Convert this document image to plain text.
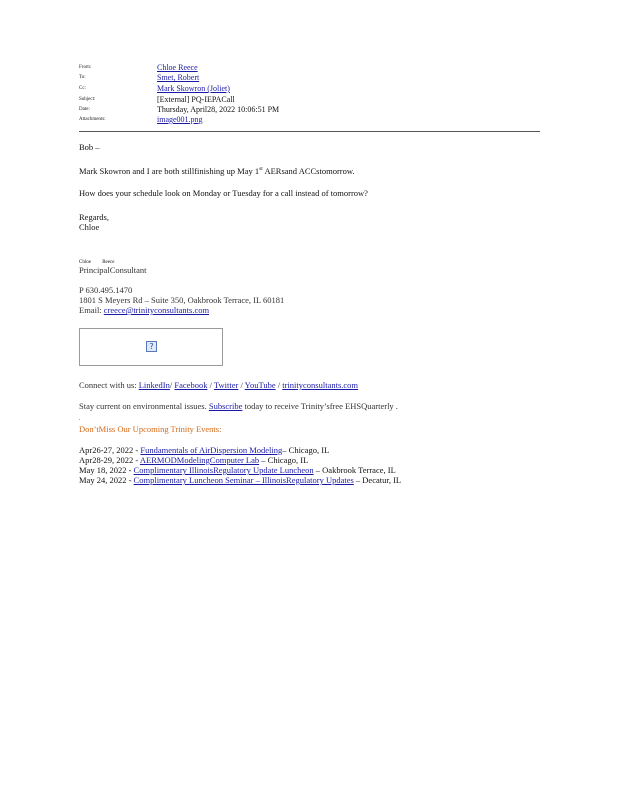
From:	Chloe Reece
To:	Smet, Robert
Cc:	Mark Skowron (Joliet)
Subject:	[External] PQ-IEPACall
Date:	Thursday, April28, 2022 10:06:51 PM
Attachments:	image001.png
Bob –
Mark Skowron and I are both stillfinishing up May 1st AERsand ACCstomorrow.
How does your schedule look on Monday or Tuesday for a call instead of tomorrow?
Regards,
Chloe
Chloe Reece
PrincipalConsultant
P 630.495.1470
1801 S Meyers Rd – Suite 350, Oakbrook Terrace, IL 60181
Email: creece@trinityconsultants.com
?
Connect with us: LinkedIn/ Facebook / Twitter / YouTube / trinityconsultants.com
Stay current on environmental issues. Subscribe today to receive Trinity’sfree EHSQuarterly .
.
Don’tMiss Our Upcoming Trinity Events:
Apr26-27, 2022 - Fundamentals of AirDispersion Modeling– Chicago, IL
Apr28-29, 2022 - AERMODModelingComputer Lab – Chicago, IL
May 18, 2022 - Complimentary IllinoisRegulatory Update Luncheon – Oakbrook Terrace, IL
May 24, 2022 - Complimentary Luncheon Seminar – IllinoisRegulatory Updates – Decatur, IL
